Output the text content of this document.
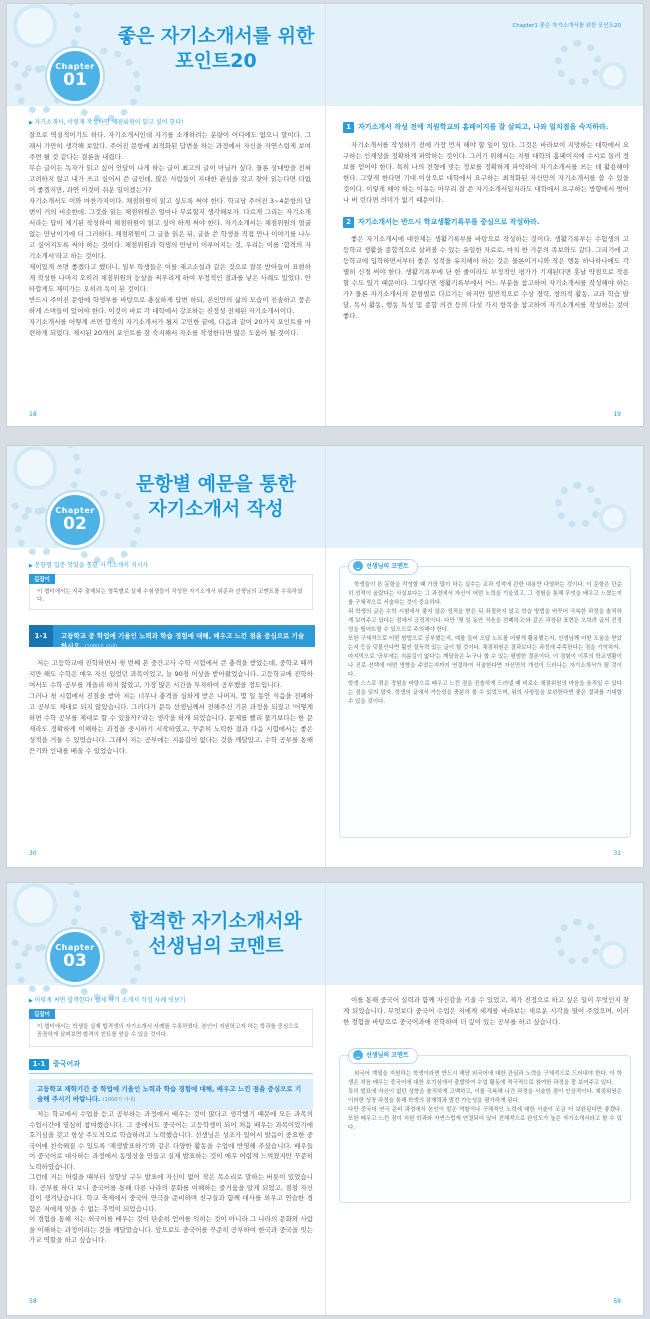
Chapter
01
좋은 자기소개서를 위한
포인트20
Chapter1 좋은 자기소개서를 위한 포인트20
▶ 자기소개서, 이렇게 작성하면 채점위원이 읽고 싶어 한다!
잘으로 역설적이기도 하다. 자기소개서인데 자기를 소개하려는 분량이 어디에도 없으니 말이다. 그래서 가만히 생각해 보았다. 주어진 문항에 최적화된 답변을 하는 과정에서 자신을 자연스럽게 보여주면 될 것 같다는 결론을 내렸다.
무슨 글이든 독자가 읽고 싶어 안달이 나게 하는 글이 최고의 글이 아닐까 싶다. 물론 상대방을 전혀 고려하지 않고 내가 쓰고 싶어서 쓴 글인데, 많은 사람들이 지대한 관심을 갖고 찾아 읽는다면 더없이 좋겠지만, 과연 이것이 쉬운 일이겠는가?
자기소개서도 이와 마찬가지이다. 채점위원이 읽고 싶도록 써야 한다. 학교당 주어진 3~4문항의 답변이 거의 비슷한데, 그것을 읽는 채점위원은 얼마나 무료할지 생각해보자. 다르게 그리는 자기소개서라는 답이 제기된 작성하여 채점위원이 읽고 싶어 하게 써야 한다. 자기소개서는 채점위원의 얼굴 없는 만남이기에 더 그러하다. 채점위원이 그 글을 읽은 뒤, 글을 쓴 학생을 직접 만나 이야기를 나누고 싶어지도록 써야 하는 것이다. 채점위원과 학생의 만남이 이루어지는 것, 우리는 이를 '합격의 자기소개서'라고 하는 것이다.
제이있게 쓰면 좋겠다고 했더니, 일부 학생들은 이를 재고소설과 같은 것으로 잘못 받아들여 표현하게 작성한 나머지 오히려 채점위원의 눈살을 찌푸리게 하여 부정적인 결과를 낳은 사례도 있었다. 안타깝게도 재미가는 오히려 독이 된 것이다.
반드시 주어진 문항에 학생부를 바탕으로 충실하게 답변 하되, 본인만의 삶의 모습이 진솔하고 풍손하게 스며들어 있어야 한다. 이것이 바로 각 대학에서 강조하는 진정성 전체된 자기소개서이다.
자기소개서를 어떻게 쓰면 합격의 자기소개서가 될지 고민한 끝에, 다음과 같이 20가지 포인트를 마련하게 되었다. 제시된 20개의 포인트를 잘 숙지해서 자소를 작성한다면 많은 도움이 될 것이다.
1 자기소개서 작성 전에 지원학교의 홈페이지를 잘 살피고, 나와 일치점을 숙지하라.
자기소개서를 작성하기 전에 가장 먼저 해야 할 일이 있다. 그것은 바라보이 지망하는 대학에서 요구하는 인재상을 정확하게 파악하는 것이다. 그러기 위해서는 지원 대학의 홈페이지에 수시로 들러 정보를 얻어야 한다. 특히 나의 전형에 맞는 정보를 정확하게 파악하여 자기소개서를 쓰는 데 활용해야 한다. 그렇게 한다면 기대 이상으로 대학에서 요구하는 최적화된 자신만의 자기소개서를 쓸 수 있을 것이다. 이렇게 해야 하는 이유는 아무리 잘 쓴 자기소개서일지라도 대학에서 요구하는 방향에서 벗어나 버 린다면 의미가 없기 때문이다.
2 자기소개서는 반드시 학교생활기록부를 중심으로 작성하라.
좋은 자기소개서에 대전제는 생활기록부를 바탕으로 작성하는 것이다. 생활기록부는 수험생의 고등학교 생활을 종합적으로 살펴볼 수 있는 유일한 자료로, 마치 한 가문의 족보와도 같다. 그리기에 고등학교에 입학하면서부터 좋은 성적을 유지해야 하는 것은 물론이거니와 작은 행동 하나하나에도 각별히 신경 써야 한다. 생활기록부에 단 한 줄이라도 부정적인 평가가 기재된다면 훗날 약점으로 작용할 수도 있기 때문이다. 그렇다면 생활기록부에서 어느 부분을 참고하여 자기소개서를 작성해야 하는가? 물론 자기소개서의 문항별로 다르기는 하지만 일반적으로 수상 경력, 창의적 활동, 교과 학습 발달, 독서 활동, 행동 특성 및 종합 의견 등의 다섯 가지 항목을 참고하여 자기소개서를 작성하는 것이 좋다.
18	19
Chapter
02
문항별 예문을 통한
자기소개서 작성
▶ 문항별 입증 맛있을 통한 자기소개서 지시사
길잡이
이 챕터에서는 지주 출제되는 형목별로 실제 수험생들이 작성한 자기소개서 위준과 선생님의 코멘트를 수록하였다.
1-1	고등학교 중 학업에 기울인 노력과 학습 경험에 대해, 배우고 느낀 점을 중심으로 기술하시오. (1000자 이내)
저는 고등학교에 진학하면서 첫 번째 본 중간고사 수학 시험에서 큰 충격을 받았는데, 중학교 때까지만 해도 수학은 매우 자신 있었던 과목이었고, 늘 90점 이상을 받아왔었습니다. 고등학교에 진학하여서도 수학 공부를 게을리 하지 않았고, 가장 많은 시간을 투자하여 공부했을 정도입니다.
그러나 첫 시험에서 진점을 받아 저는 너무나 충격을 심하게 받은 나머지, 몇 일 동안 식음을 전폐하고 공부도 제대로 되지 않았습니다. 그러다가 문득 선생님께서 전해주신 기본 과정을 되짚고 '어떻게 하면 수학 공부를 제대로 할 수 있을까?'라는 생각을 하게 되었습니다. 문제를 빨리 풀기보다는 한 문제라도 정확하게 이해하는 과정을 중시하기 시작하였고, 꾸준히 노력한 결과 다음 시험에서는 좋은 성적을 거둘 수 있었습니다. 그래서 저는 공부에는 지름길이 없다는 것을 깨달았고, 수학 공부를 통해 끈기와 인내를 배울 수 있었습니다.
선생님의 코멘트
학생들이 본 문항을 작성할 때 가장 많이 하는 실수는 교과 성적에 관한 내용만 나열하는 것이다. 이 문항은 단순히 성적이 올랐다는 사실보다는 그 과정에서 자신이 어떤 노력을 기울였고, 그 경험을 통해 무엇을 배우고 느꼈는지를 구체적으로 서술하는 것이 중요하다.
위 학생의 글은 수학 시험에서 좋지 않은 성적을 받은 뒤 좌절하지 않고 학습 방법을 바꾸어 극복한 과정을 솔직하게 보여주고 있다는 점에서 긍정적이다. 다만 '몇 일 동안 식음을 전폐하고'와 같은 과장된 표현은 오히려 글의 진정성을 떨어뜨릴 수 있으므로 주의해야 한다.
또한 구체적으로 어떤 방법으로 공부했는지, 예를 들어 오답 노트를 어떻게 활용했는지, 선생님께 어떤 도움을 받았는지 등을 덧붙인다면 훨씬 설득력 있는 글이 될 것이다. 채점위원은 결과보다는 과정에 주목한다는 점을 기억하자.
마지막으로 '공부에는 지름길이 없다'는 깨달음은 누구나 할 수 있는 평범한 결론이다. 이 경험이 이후의 학교생활이나 진로 선택에 어떤 영향을 주었는지까지 연결하여 서술한다면 자신만의 개성이 드러나는 자기소개서가 될 것이다.
학생 스스로 겪은 경험을 바탕으로 배우고 느낀 점을 진솔하게 드러낼 때 비로소 채점위원의 마음을 움직일 수 있다는 점을 잊지 말자. 학생의 글에서 가능성을 충분히 볼 수 있었으며, 위의 사항들을 보완한다면 좋은 결과를 기대할 수 있을 것이다.
30	31
Chapter
03
합격한 자기소개서와
선생님의 코멘트
▶ 이렇게 써면 합격한다! 실제 자기 소개서 작성 사례 엿보기
길잡이
이 챕터에서는 학생들 실제 합격생의 자기소개서 사례를 수록하였다. 본인이 지원하고자 하는 학과를 중심으로 꼼꼼하게 살펴보면 합격의 힌트를 얻을 수 있을 것이다.
1-1 중국어과
고등학교 재학기간 중 학업에 기울인 노력과 학습 경험에 대해, 배우고 느낀 점을 중심으로 기술해 주시기 바랍니다. (1000자 이내)
저는 학교에서 수업을 듣고 공부하는 과정에서 배우는 것이 많다고 생각했기 때문에 모든 과목의 수업시간에 열심히 참여했습니다. 그 중에서도 중국어는 고등학생이 되어 처음 배우는 과목이었기에 호기심을 갖고 항상 주도적으로 학습하려고 노력했습니다. 선생님은 성조가 있어서 발음이 중요한 중국어에 친숙해질 수 있도록 '재생발표하기'와 같은 다양한 활동을 수업에 반영해 주셨습니다. 배우들이 중국어로 대사하는 과정에서 동영상을 만들고 실제 발표하는 것이 매우 어렵게 느껴졌지만 꾸준히 노력하였습니다.
그런데 저는 어렵을 때부터 성향상 구두 발표에 자신이 없어 작은 목소리로 말하는 버릇이 있었습니다. 공부를 하다 보니 중국어를 통해 다른 나라의 문화를 이해하는 즐거움을 알게 되었고, 점점 자신감이 생겨났습니다. 학교 축제에서 중국어 연극을 준비하며 친구들과 함께 대사를 외우고 연습한 경험은 저에게 잊을 수 없는 추억이 되었습니다.
이 경험을 통해 저는 외국어를 배우는 것이 단순히 언어를 익히는 것이 아니라 그 나라의 문화와 사람을 이해하는 과정이라는 것을 깨달았습니다. 앞으로도 중국어를 꾸준히 공부하여 한국과 중국을 잇는 가교 역할을 하고 싶습니다.
이를 통해 중국어 실력과 함께 자신감을 키울 수 있었고, 제가 진정으로 하고 싶은 일이 무엇인지 찾게 되었습니다. 무엇보다 중국어 수업은 저에게 세계를 바라보는 새로운 시각을 열어 주었으며, 이러한 경험을 바탕으로 중국어과에 진학하여 더 깊이 있는 공부를 하고 싶습니다.
선생님의 코멘트
외국어 계열을 지원하는 학생이라면 반드시 해당 외국어에 대한 관심과 노력을 구체적으로 드러내야 한다. 이 학생은 처음 배우는 중국어에 대한 호기심에서 출발하여 수업 활동에 적극적으로 참여한 과정을 잘 보여주고 있다.
특히 발표에 자신이 없던 성향을 솔직하게 고백하고, 이를 극복해 나간 과정을 서술한 점이 인상적이다. 채점위원은 이러한 성장 과정을 통해 학생의 잠재력과 발전 가능성을 평가하게 된다.
다만 중국어 연극 준비 과정에서 본인이 맡은 역할이나 구체적인 노력에 대한 서술이 조금 더 보완된다면 좋겠다. 또한 배우고 느낀 점이 지원 학과와 자연스럽게 연결되어 있어 전체적으로 완성도가 높은 자기소개서라고 할 수 있다.
58	59
